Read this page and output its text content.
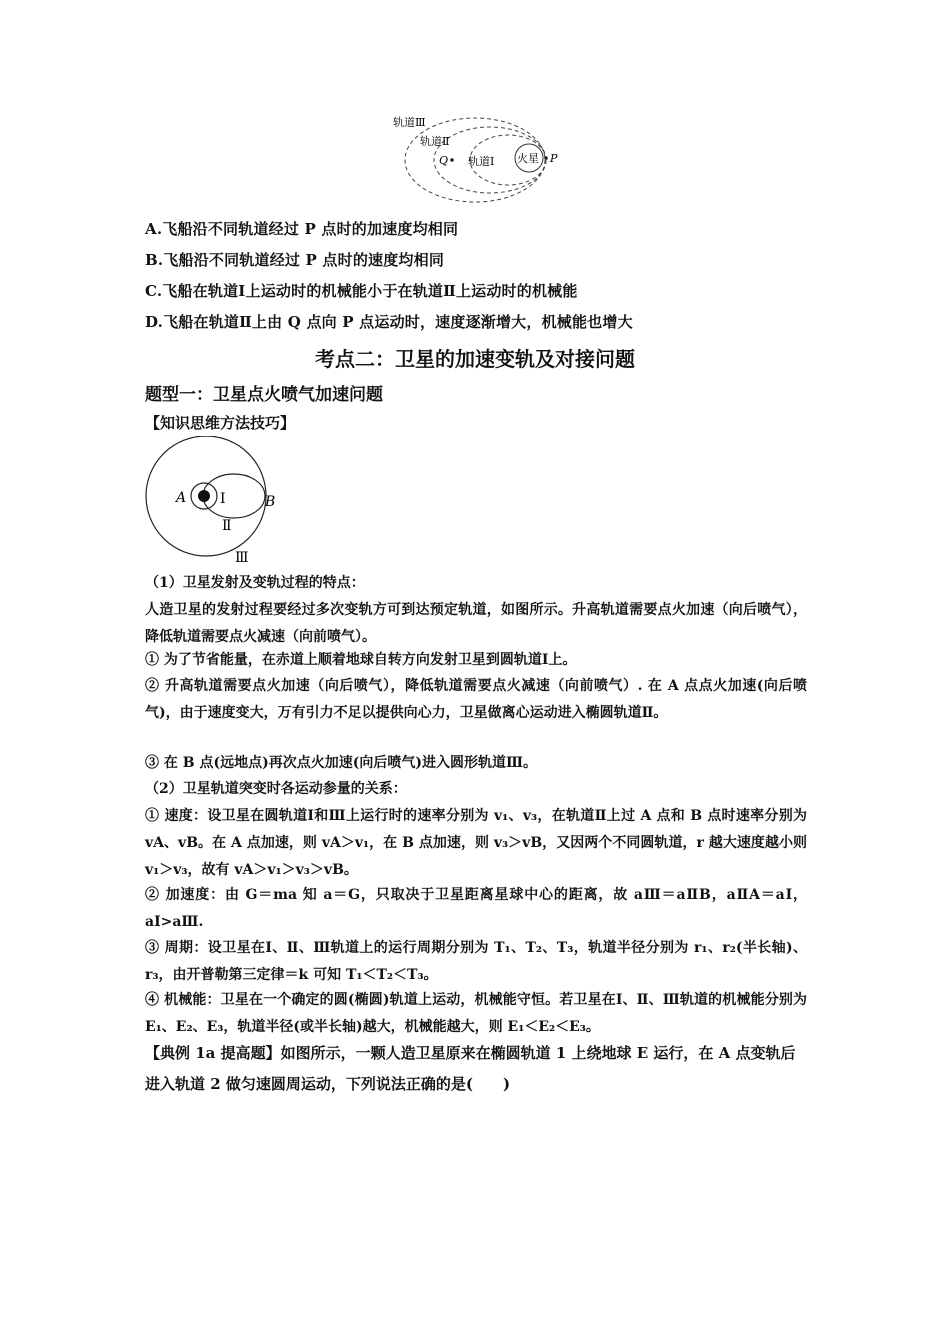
轨道Ⅲ
轨道Ⅱ
轨道Ⅰ 火星
Q	P
A.飞船沿不同轨道经过 P 点时的加速度均相同
B.飞船沿不同轨道经过 P 点时的速度均相同
C.飞船在轨道Ⅰ上运动时的机械能小于在轨道Ⅱ上运动时的机械能
D.飞船在轨道Ⅱ上由 Q 点向 P 点运动时，速度逐渐增大，机械能也增大
考点二：卫星的加速变轨及对接问题
题型一：卫星点火喷气加速问题
【知识思维方法技巧】
A	B
Ⅰ
Ⅱ
Ⅲ
（1）卫星发射及变轨过程的特点：
人造卫星的发射过程要经过多次变轨方可到达预定轨道，如图所示。升高轨道需要点火加速（向后喷气），降低轨道需要点火减速（向前喷气）。
① 为了节省能量，在赤道上顺着地球自转方向发射卫星到圆轨道Ⅰ上。
② 升高轨道需要点火加速（向后喷气），降低轨道需要点火减速（向前喷气）. 在 A 点点火加速(向后喷气)，由于速度变大，万有引力不足以提供向心力，卫星做离心运动进入椭圆轨道Ⅱ。
③ 在 B 点(远地点)再次点火加速(向后喷气)进入圆形轨道Ⅲ。
（2）卫星轨道突变时各运动参量的关系：
① 速度：设卫星在圆轨道Ⅰ和Ⅲ上运行时的速率分别为 v₁、v₃，在轨道Ⅱ上过 A 点和 B 点时速率分别为 vA、vB。在 A 点加速，则 vA＞v₁，在 B 点加速，则 v₃＞vB，又因两个不同圆轨道，r 越大速度越小则 v₁＞v₃，故有 vA＞v₁＞v₃＞vB。
② 加速度：由 G＝ma 知 a＝G，只取决于卫星距离星球中心的距离，故 aⅢ＝aⅡB，aⅡA＝aⅠ，aⅠ>aⅢ.
③ 周期：设卫星在Ⅰ、Ⅱ、Ⅲ轨道上的运行周期分别为 T₁、T₂、T₃，轨道半径分别为 r₁、r₂(半长轴)、r₃，由开普勒第三定律＝k 可知 T₁＜T₂＜T₃。
④ 机械能：卫星在一个确定的圆(椭圆)轨道上运动，机械能守恒。若卫星在Ⅰ、Ⅱ、Ⅲ轨道的机械能分别为 E₁、E₂、E₃，轨道半径(或半长轴)越大，机械能越大，则 E₁＜E₂＜E₃。
【典例 1a 提高题】如图所示，一颗人造卫星原来在椭圆轨道 1 上绕地球 E 运行，在 A 点变轨后进入轨道 2 做匀速圆周运动，下列说法正确的是(　　)
